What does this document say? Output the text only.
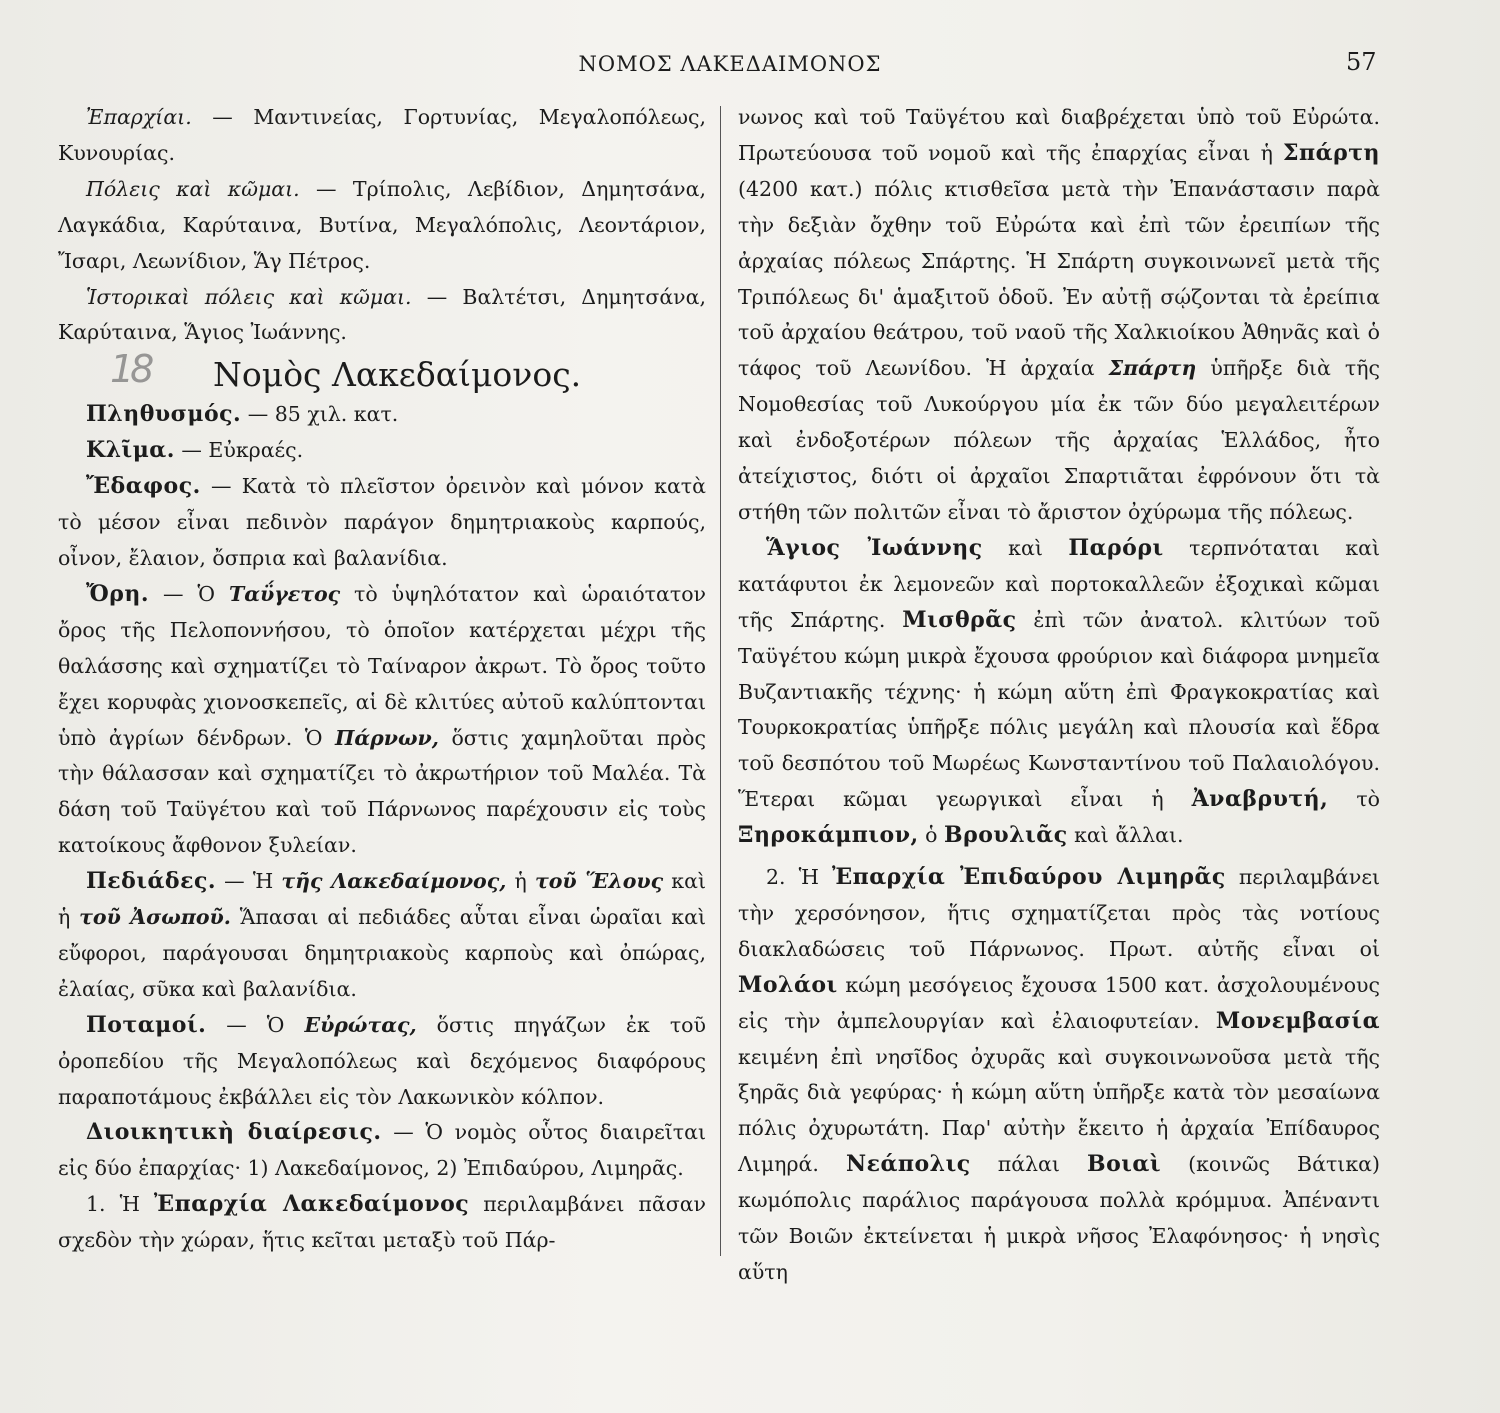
ΝΟΜΟΣ ΛΑΚΕΔΑΙΜΟΝΟΣ	57

Ἐπαρχίαι. — Μαντινείας, Γορτυνίας, Μεγαλοπόλεως, Κυνουρίας.

Πόλεις καὶ κῶμαι. — Τρίπολις, Λεβίδιον, Δημητσάνα, Λαγκάδια, Καρύταινα, Βυτίνα, Μεγαλόπολις, Λεοντάριον, Ἴσαρι, Λεωνίδιον, Ἅγ Πέτρος.

Ἱστορικαὶ πόλεις καὶ κῶμαι. — Βαλτέτσι, Δημητσάνα, Καρύταινα, Ἅγιος Ἰωάννης.

18 Νομὸς Λακεδαίμονος.

Πληθυσμός. — 85 χιλ. κατ.

Κλῖμα. — Εὐκραές.

Ἔδαφος. — Κατὰ τὸ πλεῖστον ὀρεινὸν καὶ μόνον κατὰ τὸ μέσον εἶναι πεδινὸν παράγον δημητριακοὺς καρπούς, οἶνον, ἔλαιον, ὄσπρια καὶ βαλανίδια.

Ὄρη. — Ὁ Ταΰγετος τὸ ὑψηλότατον καὶ ὡραιότατον ὄρος τῆς Πελοποννήσου, τὸ ὁποῖον κατέρχεται μέχρι τῆς θαλάσσης καὶ σχηματίζει τὸ Ταίναρον ἀκρωτ. Τὸ ὄρος τοῦτο ἔχει κορυφὰς χιονοσκεπεῖς, αἱ δὲ κλιτύες αὐτοῦ καλύπτονται ὑπὸ ἀγρίων δένδρων. Ὁ Πάρνων, ὅστις χαμηλοῦται πρὸς τὴν θάλασσαν καὶ σχηματίζει τὸ ἀκρωτήριον τοῦ Μαλέα. Τὰ δάση τοῦ Ταϋγέτου καὶ τοῦ Πάρνωνος παρέχουσιν εἰς τοὺς κατοίκους ἄφθονον ξυλείαν.

Πεδιάδες. — Ἡ τῆς Λακεδαίμονος, ἡ τοῦ Ἕλους καὶ ἡ τοῦ Ἀσωποῦ. Ἅπασαι αἱ πεδιάδες αὗται εἶναι ὡραῖαι καὶ εὔφοροι, παράγουσαι δημητριακοὺς καρποὺς καὶ ὀπώρας, ἐλαίας, σῦκα καὶ βαλανίδια.

Ποταμοί. — Ὁ Εὐρώτας, ὅστις πηγάζων ἐκ τοῦ ὀροπεδίου τῆς Μεγαλοπόλεως καὶ δεχόμενος διαφόρους παραποτάμους ἐκβάλλει εἰς τὸν Λακωνικὸν κόλπον.

Διοικητικὴ διαίρεσις. — Ὁ νομὸς οὗτος διαιρεῖται εἰς δύο ἐπαρχίας· 1) Λακεδαίμονος, 2) Ἐπιδαύρου, Λιμηρᾶς.

1. Ἡ Ἐπαρχία Λακεδαίμονος περιλαμβάνει πᾶσαν σχεδὸν τὴν χώραν, ἥτις κεῖται μεταξὺ τοῦ Πάρ-

νωνος καὶ τοῦ Ταϋγέτου καὶ διαβρέχεται ὑπὸ τοῦ Εὐρώτα. Πρωτεύουσα τοῦ νομοῦ καὶ τῆς ἐπαρχίας εἶναι ἡ Σπάρτη (4200 κατ.) πόλις κτισθεῖσα μετὰ τὴν Ἐπανάστασιν παρὰ τὴν δεξιὰν ὄχθην τοῦ Εὐρώτα καὶ ἐπὶ τῶν ἐρειπίων τῆς ἀρχαίας πόλεως Σπάρτης. Ἡ Σπάρτη συγκοινωνεῖ μετὰ τῆς Τριπόλεως δι' ἁμαξιτοῦ ὁδοῦ. Ἐν αὐτῇ σῴζονται τὰ ἐρείπια τοῦ ἀρχαίου θεάτρου, τοῦ ναοῦ τῆς Χαλκιοίκου Ἀθηνᾶς καὶ ὁ τάφος τοῦ Λεωνίδου. Ἡ ἀρχαία Σπάρτη ὑπῆρξε διὰ τῆς Νομοθεσίας τοῦ Λυκούργου μία ἐκ τῶν δύο μεγαλειτέρων καὶ ἐνδοξοτέρων πόλεων τῆς ἀρχαίας Ἑλλάδος, ἦτο ἀτείχιστος, διότι οἱ ἀρχαῖοι Σπαρτιᾶται ἐφρόνουν ὅτι τὰ στήθη τῶν πολιτῶν εἶναι τὸ ἄριστον ὀχύρωμα τῆς πόλεως.

Ἅγιος Ἰωάννης καὶ Παρόρι τερπνόταται καὶ κατάφυτοι ἐκ λεμονεῶν καὶ πορτοκαλλεῶν ἐξοχικαὶ κῶμαι τῆς Σπάρτης. Μισθρᾶς ἐπὶ τῶν ἀνατολ. κλιτύων τοῦ Ταϋγέτου κώμη μικρὰ ἔχουσα φρούριον καὶ διάφορα μνημεῖα Βυζαντιακῆς τέχνης· ἡ κώμη αὕτη ἐπὶ Φραγκοκρατίας καὶ Τουρκοκρατίας ὑπῆρξε πόλις μεγάλη καὶ πλουσία καὶ ἕδρα τοῦ δεσπότου τοῦ Μωρέως Κωνσταντίνου τοῦ Παλαιολόγου. Ἕτεραι κῶμαι γεωργικαὶ εἶναι ἡ Ἀναβρυτή, τὸ Ξηροκάμπιον, ὁ Βρουλιᾶς καὶ ἄλλαι.

2. Ἡ Ἐπαρχία Ἐπιδαύρου Λιμηρᾶς περιλαμβάνει τὴν χερσόνησον, ἥτις σχηματίζεται πρὸς τὰς νοτίους διακλαδώσεις τοῦ Πάρνωνος. Πρωτ. αὐτῆς εἶναι οἱ Μολάοι κώμη μεσόγειος ἔχουσα 1500 κατ. ἀσχολουμένους εἰς τὴν ἀμπελουργίαν καὶ ἐλαιοφυτείαν. Μονεμβασία κειμένη ἐπὶ νησῖδος ὀχυρᾶς καὶ συγκοινωνοῦσα μετὰ τῆς ξηρᾶς διὰ γεφύρας· ἡ κώμη αὕτη ὑπῆρξε κατὰ τὸν μεσαίωνα πόλις ὀχυρωτάτη. Παρ' αὐτὴν ἔκειτο ἡ ἀρχαία Ἐπίδαυρος Λιμηρά. Νεάπολις πάλαι Βοιαὶ (κοινῶς Βάτικα) κωμόπολις παράλιος παράγουσα πολλὰ κρόμμυα. Ἀπέναντι τῶν Βοιῶν ἐκτείνεται ἡ μικρὰ νῆσος Ἐλαφόνησος· ἡ νησὶς αὕτη
